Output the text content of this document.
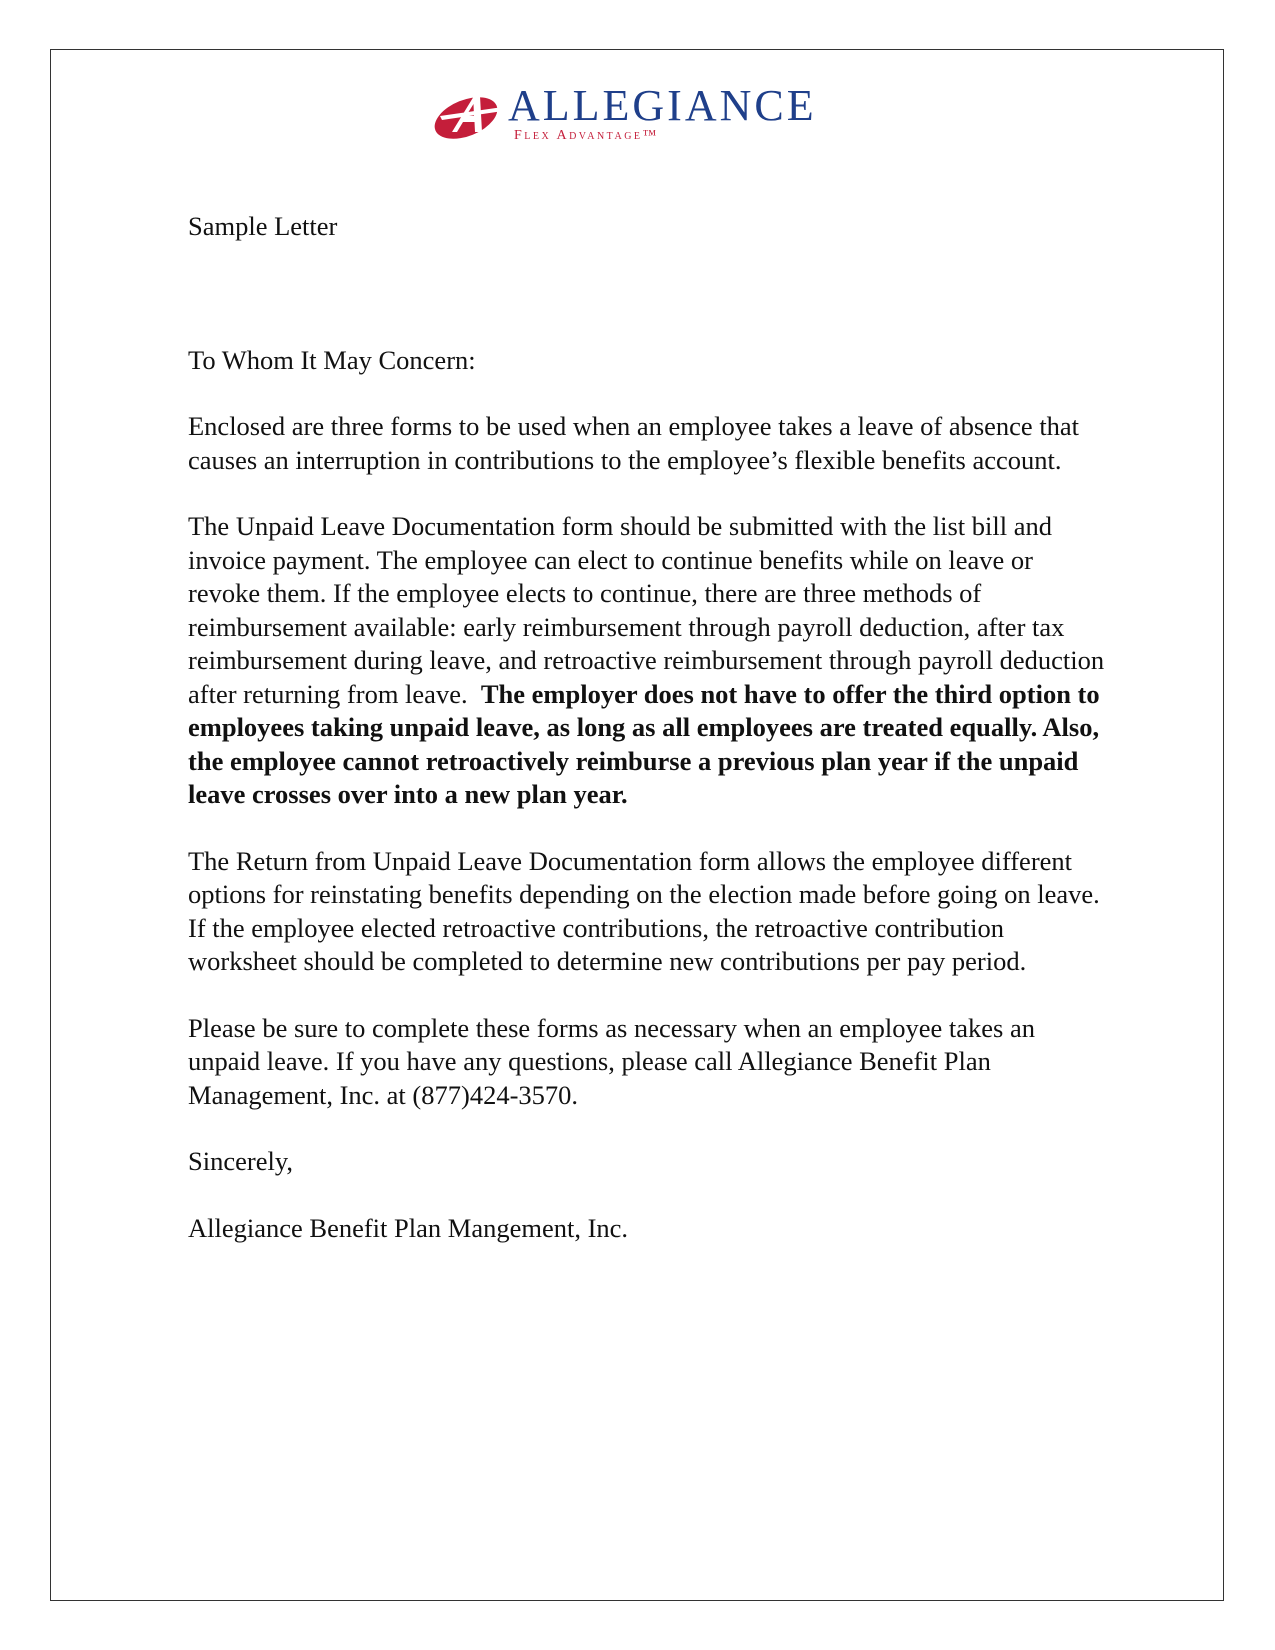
ALLEGIANCE
Flex Advantage™

Sample Letter

To Whom It May Concern:

Enclosed are three forms to be used when an employee takes a leave of absence that causes an interruption in contributions to the employee’s flexible benefits account.

The Unpaid Leave Documentation form should be submitted with the list bill and invoice payment. The employee can elect to continue benefits while on leave or revoke them. If the employee elects to continue, there are three methods of reimbursement available: early reimbursement through payroll deduction, after tax reimbursement during leave, and retroactive reimbursement through payroll deduction after returning from leave. The employer does not have to offer the third option to employees taking unpaid leave, as long as all employees are treated equally. Also, the employee cannot retroactively reimburse a previous plan year if the unpaid leave crosses over into a new plan year.

The Return from Unpaid Leave Documentation form allows the employee different options for reinstating benefits depending on the election made before going on leave. If the employee elected retroactive contributions, the retroactive contribution worksheet should be completed to determine new contributions per pay period.

Please be sure to complete these forms as necessary when an employee takes an unpaid leave. If you have any questions, please call Allegiance Benefit Plan Management, Inc. at (877)424-3570.

Sincerely,

Allegiance Benefit Plan Mangement, Inc.
